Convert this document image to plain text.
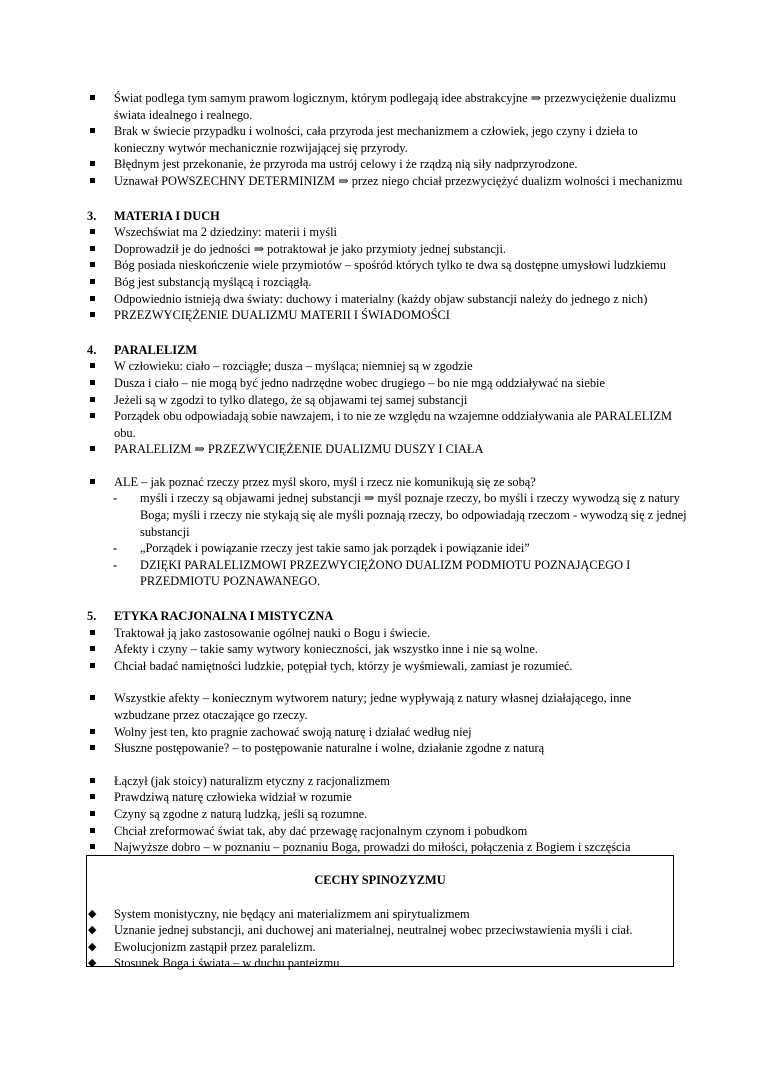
Świat podlega tym samym prawom logicznym, którym podlegają idee abstrakcyjne ⇒ przezwyciężenie dualizmu świata idealnego i realnego.
Brak w świecie przypadku i wolności, cała przyroda jest mechanizmem a człowiek, jego czyny i dzieła to konieczny wytwór mechanicznie rozwijającej się przyrody.
Błędnym jest przekonanie, że przyroda ma ustrój celowy i że rządzą nią siły nadprzyrodzone.
Uznawał POWSZECHNY DETERMINIZM ⇒ przez niego chciał przezwyciężyć dualizm wolności i mechanizmu
3. MATERIA I DUCH
Wszechświat ma 2 dziedziny: materii i myśli
Doprowadził je do jedności ⇒ potraktował je jako przymioty jednej substancji.
Bóg posiada nieskończenie wiele przymiotów – spośród których tylko te dwa są dostępne umysłowi ludzkiemu
Bóg jest substancją myślącą i rozciągłą.
Odpowiednio istnieją dwa światy: duchowy i materialny (każdy objaw substancji należy do jednego z nich)
PRZEZWYCIĘŻENIE DUALIZMU MATERII I ŚWIADOMOŚCI
4. PARALELIZM
W człowieku: ciało – rozciągłe; dusza – myśląca; niemniej są w zgodzie
Dusza i ciało – nie mogą być jedno nadrzędne wobec drugiego – bo nie mgą oddziaływać na siebie
Jeżeli są w zgodzi to tylko dlatego, że są objawami tej samej substancji
Porządek obu odpowiadają sobie nawzajem, i to nie ze względu na wzajemne oddziaływania ale PARALELIZM obu.
PARALELIZM ⇒ PRZEZWYCIĘŻENIE DUALIZMU DUSZY I CIAŁA
ALE – jak poznać rzeczy przez myśl skoro, myśl i rzecz nie komunikują się ze sobą?
- myśli i rzeczy są objawami jednej substancji ⇒ myśl poznaje rzeczy, bo myśli i rzeczy wywodzą się z natury Boga; myśli i rzeczy nie stykają się ale myśli poznają rzeczy, bo odpowiadają rzeczom - wywodzą się z jednej substancji
- „Porządek i powiązanie rzeczy jest takie samo jak porządek i powiązanie idei”
- DZIĘKI PARALELIZMOWI PRZEZWYCIĘŻONO DUALIZM PODMIOTU POZNAJĄCEGO I PRZEDMIOTU POZNAWANEGO.
5. ETYKA RACJONALNA I MISTYCZNA
Traktował ją jako zastosowanie ogólnej nauki o Bogu i świecie.
Afekty i czyny – takie samy wytwory konieczności, jak wszystko inne i nie są wolne.
Chciał badać namiętności ludzkie, potępiał tych, którzy je wyśmiewali, zamiast je rozumieć.
Wszystkie afekty – koniecznym wytworem natury; jedne wypływają z natury własnej działającego, inne wzbudzane przez otaczające go rzeczy.
Wolny jest ten, kto pragnie zachować swoją naturę i działać według niej
Słuszne postępowanie? – to postępowanie naturalne i wolne, działanie zgodne z naturą
Łączył (jak stoicy) naturalizm etyczny z racjonalizmem
Prawdziwą naturę człowieka widział w rozumie
Czyny są zgodne z naturą ludzką, jeśli są rozumne.
Chciał zreformować świat tak, aby dać przewagę racjonalnym czynom i pobudkom
Najwyższe dobro – w poznaniu – poznaniu Boga, prowadzi do miłości, połączenia z Bogiem i szczęścia
CECHY SPINOZYZMU
◆ System monistyczny, nie będący ani materializmem ani spirytualizmem
◆ Uznanie jednej substancji, ani duchowej ani materialnej, neutralnej wobec przeciwstawienia myśli i ciał.
◆ Ewolucjonizm zastąpił przez paralelizm.
◆ Stosunek Boga i świata – w duchu panteizmu
